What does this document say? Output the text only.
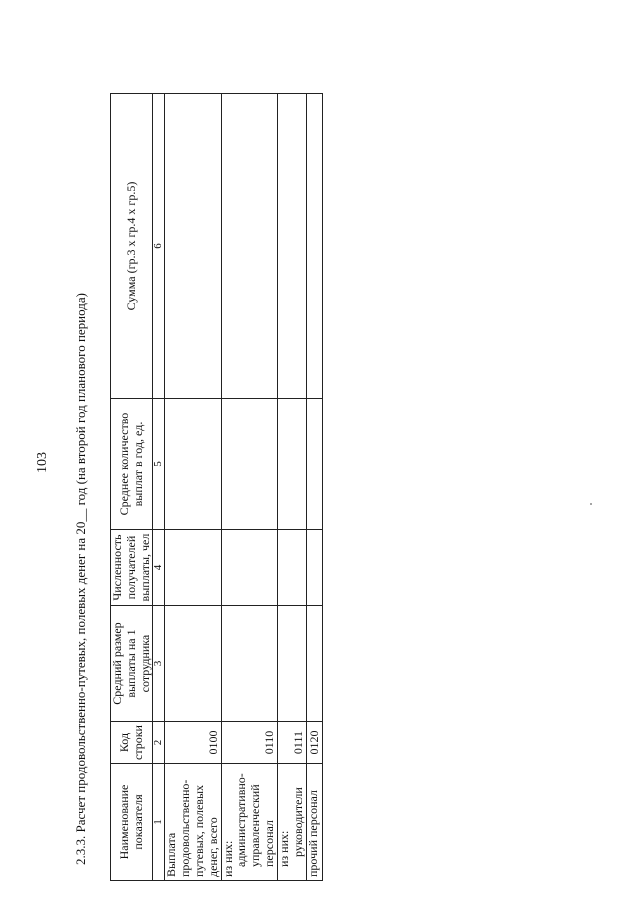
103 2.3.3. Расчет продовольственно-путевых, полевых денег на 20__ год (на второй год планового периода) Наименование показателя	Код строки	Средний размер выплаты на 1 сотрудника	Численность получателей выплаты, чел	Среднее количество выплат в год, ед.	Сумма (гр.3 х гр.4 х гр.5)
1	2	3	4	5	6
Выплата продовольственно-путевых, полевых денег, всего	0100				
из них:
административно-управленческий персонал	0110				
из них:
руководители	0111				
прочий персонал	0120				
